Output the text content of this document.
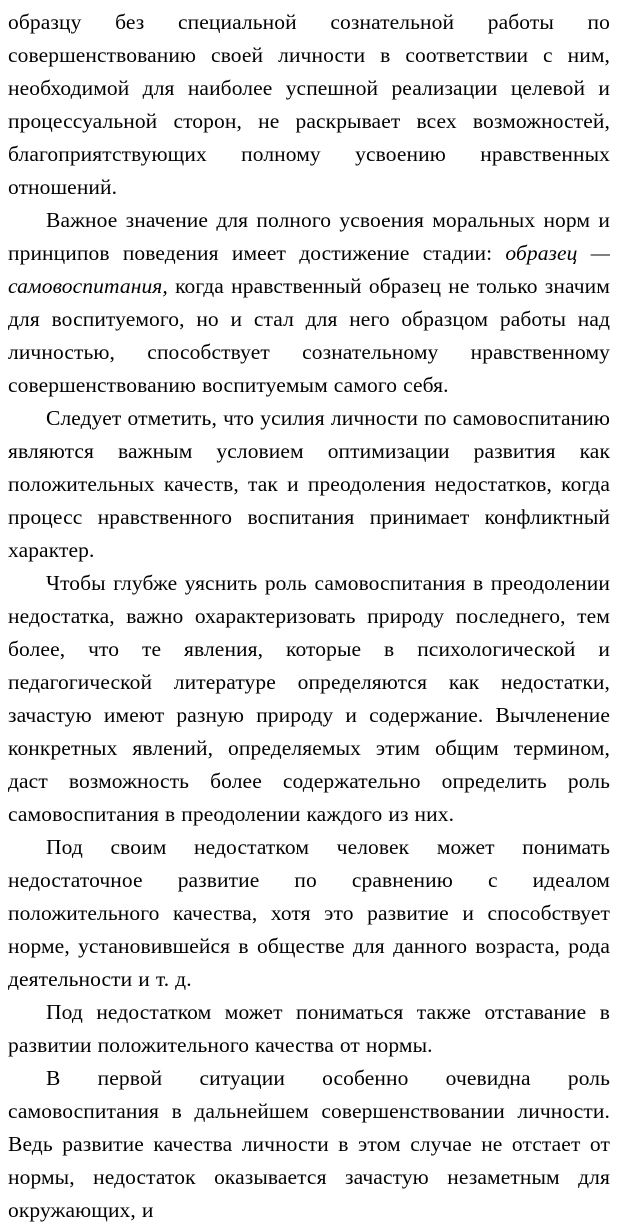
образцу без специальной сознательной работы по совершенствованию своей личности в соответствии с ним, необходимой для наиболее успешной реализации целевой и процессуальной сторон, не раскрывает всех возможностей, благоприятствующих полному усвоению нравственных отношений.

Важное значение для полного усвоения моральных норм и принципов поведения имеет достижение стадии: образец — самовоспитания, когда нравственный образец не только значим для воспитуемого, но и стал для него образцом работы над личностью, способствует сознательному нравственному совершенствованию воспитуемым самого себя.

Следует отметить, что усилия личности по самовоспитанию являются важным условием оптимизации развития как положительных качеств, так и преодоления недостатков, когда процесс нравственного воспитания принимает конфликтный характер.

Чтобы глубже уяснить роль самовоспитания в преодолении недостатка, важно охарактеризовать природу последнего, тем более, что те явления, которые в психологической и педагогической литературе определяются как недостатки, зачастую имеют разную природу и содержание. Вычленение конкретных явлений, определяемых этим общим термином, даст возможность более содержательно определить роль самовоспитания в преодолении каждого из них.

Под своим недостатком человек может понимать недостаточное развитие по сравнению с идеалом положительного качества, хотя это развитие и способствует норме, установившейся в обществе для данного возраста, рода деятельности и т. д.

Под недостатком может пониматься также отставание в развитии положительного качества от нормы.

В первой ситуации особенно очевидна роль самовоспитания в дальнейшем совершенствовании личности. Ведь развитие качества личности в этом случае не отстает от нормы, недостаток оказывается зачастую незаметным для окружающих, и
